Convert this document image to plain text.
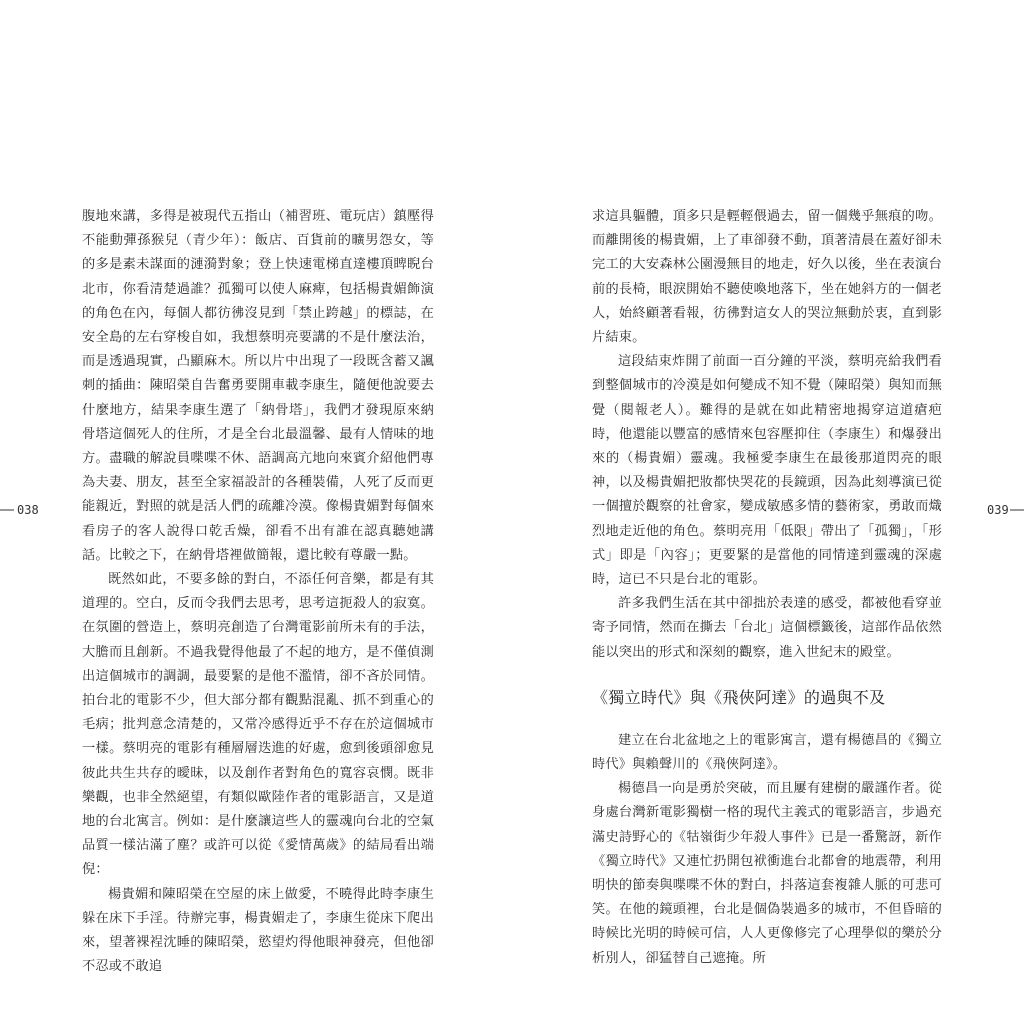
038

腹地來講，多得是被現代五指山（補習班、電玩店）鎮壓得不能動彈孫猴兒（青少年）：飯店、百貨前的曠男怨女，等的多是素未謀面的漣漪對象；登上快速電梯直達樓頂睥睨台北市，你看清楚過誰？孤獨可以使人麻痺，包括楊貴媚飾演的角色在內，每個人都彷彿沒見到「禁止跨越」的標誌，在安全島的左右穿梭自如，我想蔡明亮要講的不是什麼法治，而是透過現實，凸顯麻木。所以片中出現了一段既含蓄又諷刺的插曲：陳昭榮自告奮勇要開車載李康生，隨便他說要去什麼地方，結果李康生選了「納骨塔」，我們才發現原來納骨塔這個死人的住所，才是全台北最溫馨、最有人情味的地方。盡職的解說員喋喋不休、語調高亢地向來賓介紹他們專為夫妻、朋友，甚至全家福設計的各種裝備，人死了反而更能親近，對照的就是活人們的疏離冷漠。像楊貴媚對每個來看房子的客人說得口乾舌燥，卻看不出有誰在認真聽她講話。比較之下，在納骨塔裡做簡報，還比較有尊嚴一點。

既然如此，不要多餘的對白，不添任何音樂，都是有其道理的。空白，反而令我們去思考，思考這扼殺人的寂寞。在氛圍的營造上，蔡明亮創造了台灣電影前所未有的手法，大膽而且創新。不過我覺得他最了不起的地方，是不僅偵測出這個城市的調調，最要緊的是他不濫情，卻不吝於同情。拍台北的電影不少，但大部分都有觀點混亂、抓不到重心的毛病；批判意念清楚的，又常冷感得近乎不存在於這個城市一樣。蔡明亮的電影有種層層迭進的好處，愈到後頭卻愈見彼此共生共存的曖昧，以及創作者對角色的寬容哀憫。既非樂觀，也非全然絕望，有類似歐陸作者的電影語言，又是道地的台北寓言。例如：是什麼讓這些人的靈魂向台北的空氣品質一樣沾滿了塵？或許可以從《愛情萬歲》的結局看出端倪：

楊貴媚和陳昭榮在空屋的床上做愛，不曉得此時李康生躲在床下手淫。待辦完事，楊貴媚走了，李康生從床下爬出來，望著裸裎沈睡的陳昭榮，慾望灼得他眼神發亮，但他卻不忍或不敢追

求這具軀體，頂多只是輕輕偎過去，留一個幾乎無痕的吻。而離開後的楊貴媚，上了車卻發不動，頂著清晨在蓋好卻未完工的大安森林公園漫無目的地走，好久以後，坐在表演台前的長椅，眼淚開始不聽使喚地落下，坐在她斜方的一個老人，始終顧著看報，彷彿對這女人的哭泣無動於衷，直到影片結束。

這段結束炸開了前面一百分鐘的平淡，蔡明亮給我們看到整個城市的冷漠是如何變成不知不覺（陳昭榮）與知而無覺（閱報老人）。難得的是就在如此精密地揭穿這道瘡疤時，他還能以豐富的感情來包容壓抑住（李康生）和爆發出來的（楊貴媚）靈魂。我極愛李康生在最後那道閃亮的眼神，以及楊貴媚把妝都快哭花的長鏡頭，因為此刻導演已從一個擅於觀察的社會家，變成敏感多情的藝術家，勇敢而熾烈地走近他的角色。蔡明亮用「低限」帶出了「孤獨」，「形式」即是「內容」；更要緊的是當他的同情達到靈魂的深處時，這已不只是台北的電影。

許多我們生活在其中卻拙於表達的感受，都被他看穿並寄予同情，然而在撕去「台北」這個標籤後，這部作品依然能以突出的形式和深刻的觀察，進入世紀末的殿堂。

《獨立時代》與《飛俠阿達》的過與不及

建立在台北盆地之上的電影寓言，還有楊德昌的《獨立時代》與賴聲川的《飛俠阿達》。

楊德昌一向是勇於突破，而且屢有建樹的嚴謹作者。從身處台灣新電影獨樹一格的現代主義式的電影語言，步過充滿史詩野心的《牯嶺街少年殺人事件》已是一番驚訝，新作《獨立時代》又連忙扔開包袱衝進台北都會的地震帶，利用明快的節奏與喋喋不休的對白，抖落這套複雜人脈的可悲可笑。在他的鏡頭裡，台北是個偽裝過多的城市，不但昏暗的時候比光明的時候可信，人人更像修完了心理學似的樂於分析別人，卻猛替自己遮掩。所

039
